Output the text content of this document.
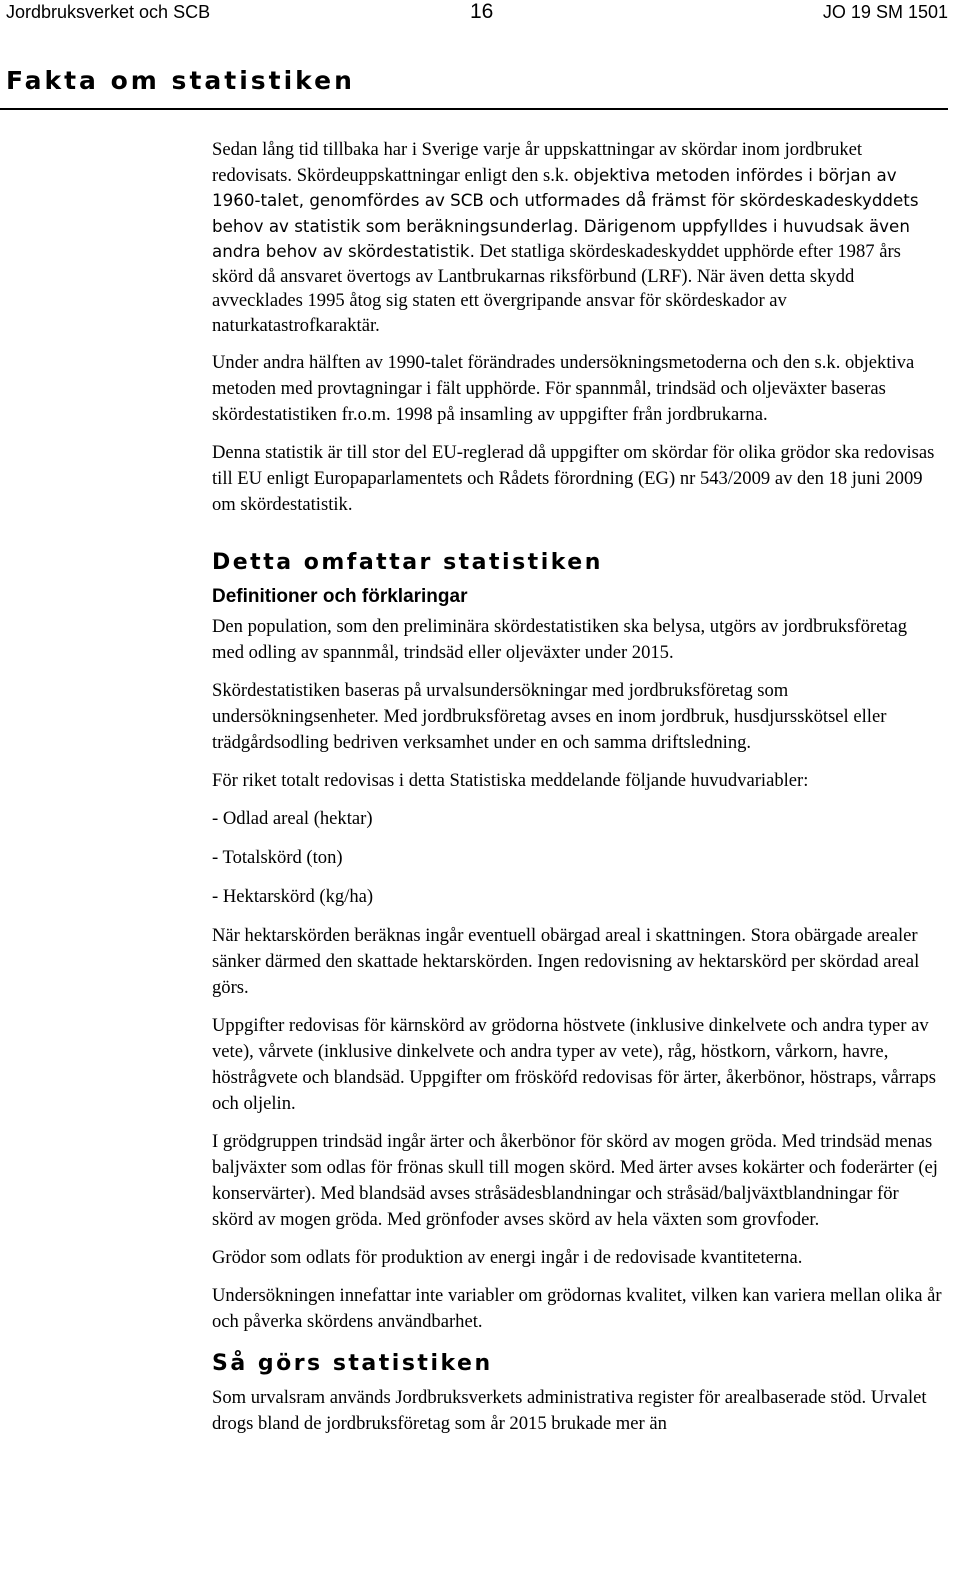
Jordbruksverket och SCB	16	JO 19 SM 1501
Fakta om statistiken

Sedan lång tid tillbaka har i Sverige varje år uppskattningar av skördar inom jordbruket redovisats. Skördeuppskattningar enligt den s.k. objektiva metoden infördes i början av 1960-talet, genomfördes av SCB och utformades då främst för skördeskadeskyddets behov av statistik som beräkningsunderlag. Därigenom uppfylldes i huvudsak även andra behov av skördestatistik. Det statliga skördeskadeskyddet upphörde efter 1987 års skörd då ansvaret övertogs av Lantbrukarnas riksförbund (LRF). När även detta skydd avvecklades 1995 åtog sig staten ett övergripande ansvar för skördeskador av naturkatastrofkaraktär.

Under andra hälften av 1990-talet förändrades undersökningsmetoderna och den s.k. objektiva metoden med provtagningar i fält upphörde. För spannmål, trindsäd och oljeväxter baseras skördestatistiken fr.o.m. 1998 på insamling av uppgifter från jordbrukarna.

Denna statistik är till stor del EU-reglerad då uppgifter om skördar för olika grödor ska redovisas till EU enligt Europaparlamentets och Rådets förordning (EG) nr 543/2009 av den 18 juni 2009 om skördestatistik.

Detta omfattar statistiken
Definitioner och förklaringar

Den population, som den preliminära skördestatistiken ska belysa, utgörs av jordbruksföretag med odling av spannmål, trindsäd eller oljeväxter under 2015.

Skördestatistiken baseras på urvalsundersökningar med jordbruksföretag som undersökningsenheter. Med jordbruksföretag avses en inom jordbruk, husdjursskötsel eller trädgårdsodling bedriven verksamhet under en och samma driftsledning.

För riket totalt redovisas i detta Statistiska meddelande följande huvudvariabler:

- Odlad areal (hektar)
- Totalskörd (ton)
- Hektarskörd (kg/ha)

När hektarskörden beräknas ingår eventuell obärgad areal i skattningen. Stora obärgade arealer sänker därmed den skattade hektarskörden. Ingen redovisning av hektarskörd per skördad areal görs.

Uppgifter redovisas för kärnskörd av grödorna höstvete (inklusive dinkelvete och andra typer av vete), vårvete (inklusive dinkelvete och andra typer av vete), råg, höstkorn, vårkorn, havre, höstrågvete och blandsäd. Uppgifter om frösköŕd redovisas för ärter, åkerbönor, höstraps, vårraps och oljelin.

I grödgruppen trindsäd ingår ärter och åkerbönor för skörd av mogen gröda. Med trindsäd menas baljväxter som odlas för frönas skull till mogen skörd. Med ärter avses kokärter och foderärter (ej konservärter). Med blandsäd avses stråsädesblandningar och stråsäd/baljväxtblandningar för skörd av mogen gröda. Med grönfoder avses skörd av hela växten som grovfoder.

Grödor som odlats för produktion av energi ingår i de redovisade kvantiteterna.

Undersökningen innefattar inte variabler om grödornas kvalitet, vilken kan variera mellan olika år och påverka skördens användbarhet.

Så görs statistiken

Som urvalsram används Jordbruksverkets administrativa register för arealbaserade stöd. Urvalet drogs bland de jordbruksföretag som år 2015 brukade mer än
